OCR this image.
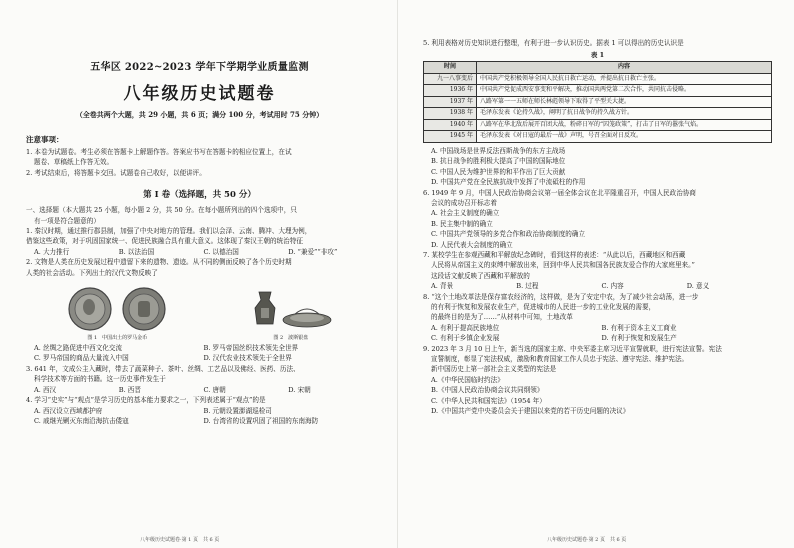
五华区 2022~2023 学年下学期学业质量监测
八年级历史试题卷
（全卷共两个大题，共 29 小题，共 6 页；满分 100 分，考试用时 75 分钟）
注意事项：

1. 本卷为试题卷。考生必须在答题卡上解题作答。答案应书写在答题卡的相应位置上，在试

题卷、草稿纸上作答无效。

2. 考试结束后，将答题卡交回。试题卷自己收好，以便讲评。

第 Ⅰ 卷（选择题，共 50 分）

一、选择题（本大题共 25 小题，每小题 2 分，共 50 分。在每小题所列出的四个选项中，只

有一项是符合题意的）

1. 秦汉时期，通过推行郡县制，加强了中央对地方的管理。我们以会泽、云南、腾冲、大理为例，

借鉴这些政策，对于巩固国家统一、促进民族融合具有重大意义。这体现了秦汉王朝的统治特征

A. 大力推行	B. 以法治国	C. 以德治国	D. “兼爱”“非攻”

2. 文物是人类在历史发展过程中遗留下来的遗物、遗迹。从不同的侧面反映了各个历史时期

人类的社会活动。下列出土的汉代文物反映了

图 1　中国出土的罗马金币	图 2　波斯银盘
A. 丝绸之路促进中西文化交流	B. 罗马帝国丝织技术领先全世界
C. 罗马帝国的商品大量流入中国	D. 汉代农业技术领先于全世界

3. 641 年，文成公主入藏时，带去了蔬菜种子、茶叶、丝绸、工艺品以及佛经、医药、历法、

科学技术等方面的书籍。这一历史事件发生于

A. 西汉	B. 西晋	C. 唐朝	D. 宋朝

4. 学习“史实”与“观点”是学习历史的基本能力要求之一，下列表述属于“观点”的是

A. 西汉设立西域都护府	B. 元朝设置澎湖巡检司
C. 戚继光剿灭东南沿海抗击倭寇	D. 台湾省的设置巩固了祖国的东南海防
八年级历史试题卷·第 1 页　共 6 页

5. 利用表格对历史知识进行整理，有利于进一步认识历史。据表 1 可以得出的历史认识是

表 1
时间	内容
九一八事变后	中国共产党积极领导全国人民抗日救亡运动，并提出抗日救亡主张。
1936 年	中国共产党促成西安事变和平解决，推动国共两党第二次合作，共同抗击侵略。
1937 年	八路军第一一五师在师长林彪领导下取得了平型关大捷。
1938 年	毛泽东发表《论持久战》，阐明了抗日战争的持久战方针。
1940 年	八路军在华北敌后展开百团大战，粉碎日军的“囚笼政策”，打击了日军的嚣张气焰。
1945 年	毛泽东发表《对日寇的最后一战》声明，号召全面对日反攻。
A. 中国战场是世界反法西斯战争的东方主战场
B. 抗日战争的胜利极大提高了中国的国际地位
C. 中国人民为维护世界的和平作出了巨大贡献
D. 中国共产党在全民族抗战中发挥了中流砥柱的作用

6. 1949 年 9 月，中国人民政治协商会议第一届全体会议在北平隆重召开，中国人民政治协商

会议的成功召开标志着

A. 社会主义制度的确立
B. 民主集中制的确立
C. 中国共产党领导的多党合作和政治协商制度的确立
D. 人民代表大会制度的确立

7. 某校学生在参观西藏和平解放纪念碑时，看到这样的表述：“从此以后，西藏地区和西藏

人民将从帝国主义的束缚中解放出来，回到中华人民共和国各民族友爱合作的大家庭里来。”

这段话文献反映了西藏和平解放的

A. 背景	B. 过程	C. 内容	D. 意义

8. “这个土地改革法是保存富农经济的，这样做，是为了安定中农，为了减少社会动荡，进一步

的有利于恢复和发展农业生产，促进城市的人民进一步的工业化发展的需要，

的最终目的是为了……”从材料中可知，土地改革

A. 有利于提高民族地位	B. 有利于资本主义工商业
C. 有利于乡镇企业发展	D. 有利于恢复和发展生产

9. 2023 年 3 月 10 日上午，新当选的国家主席、中央军委主席习近平宣誓就职，进行宪法宣誓。宪法

宣誓制度，彰显了宪法权威，激励和教育国家工作人员忠于宪法、遵守宪法、维护宪法。

新中国历史上第一部社会主义类型的宪法是

A.《中华民国临时约法》
B.《中国人民政治协商会议共同纲领》
C.《中华人民共和国宪法》（1954 年）
D.《中国共产党中央委员会关于建国以来党的若干历史问题的决议》
八年级历史试题卷·第 2 页　共 6 页
